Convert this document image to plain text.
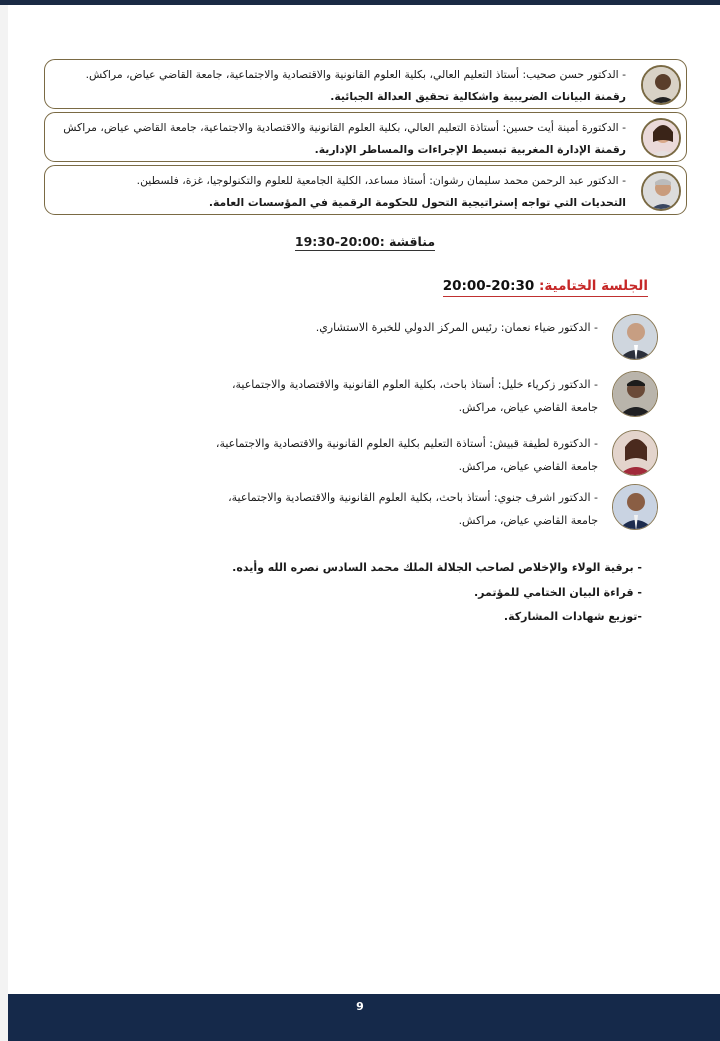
- الدكتور حسن صحيب: أستاذ التعليم العالي، بكلية العلوم القانونية والاقتصادية والاجتماعية، جامعة القاضي عياض، مراكش.
رقمنة البيانات الضريبية واشكالية تحقيق العدالة الجبائية.
- الدكتورة أمينة أيت حسين: أستاذة التعليم العالي، بكلية العلوم القانونية والاقتصادية والاجتماعية، جامعة القاضي عياض، مراكش
رقمنة الإدارة المغربية تبسيط الإجراءات والمساطر الإدارية.
- الدكتور عبد الرحمن محمد سليمان رشوان: أستاذ مساعد، الكلية الجامعية للعلوم والتكنولوجيا، غزة، فلسطين.
التحديات التي تواجه إستراتيجية التحول للحكومة الرقمية في المؤسسات العامة.
مناقشة :20:00-19:30
الجلسة الختامية: 20:30-20:00
- الدكتور ضياء نعمان: رئيس المركز الدولي للخبرة الاستشاري.
- الدكتور زكرياء خليل: أستاذ باحث، بكلية العلوم القانونية والاقتصادية والاجتماعية،
جامعة القاضي عياض، مراكش.
- الدكتورة لطيفة قبيش: أستاذة التعليم بكلية العلوم القانونية والاقتصادية والاجتماعية،
جامعة القاضي عياض، مراكش.
- الدكتور اشرف جنوي: أستاذ باحث، بكلية العلوم القانونية والاقتصادية والاجتماعية،
جامعة القاضي عياض، مراكش.
- برقية الولاء والإخلاص لصاحب الجلالة الملك محمد السادس نصره الله وأيده.
- قراءة البيان الختامي للمؤتمر.
-توزيع شهادات المشاركة.
9
